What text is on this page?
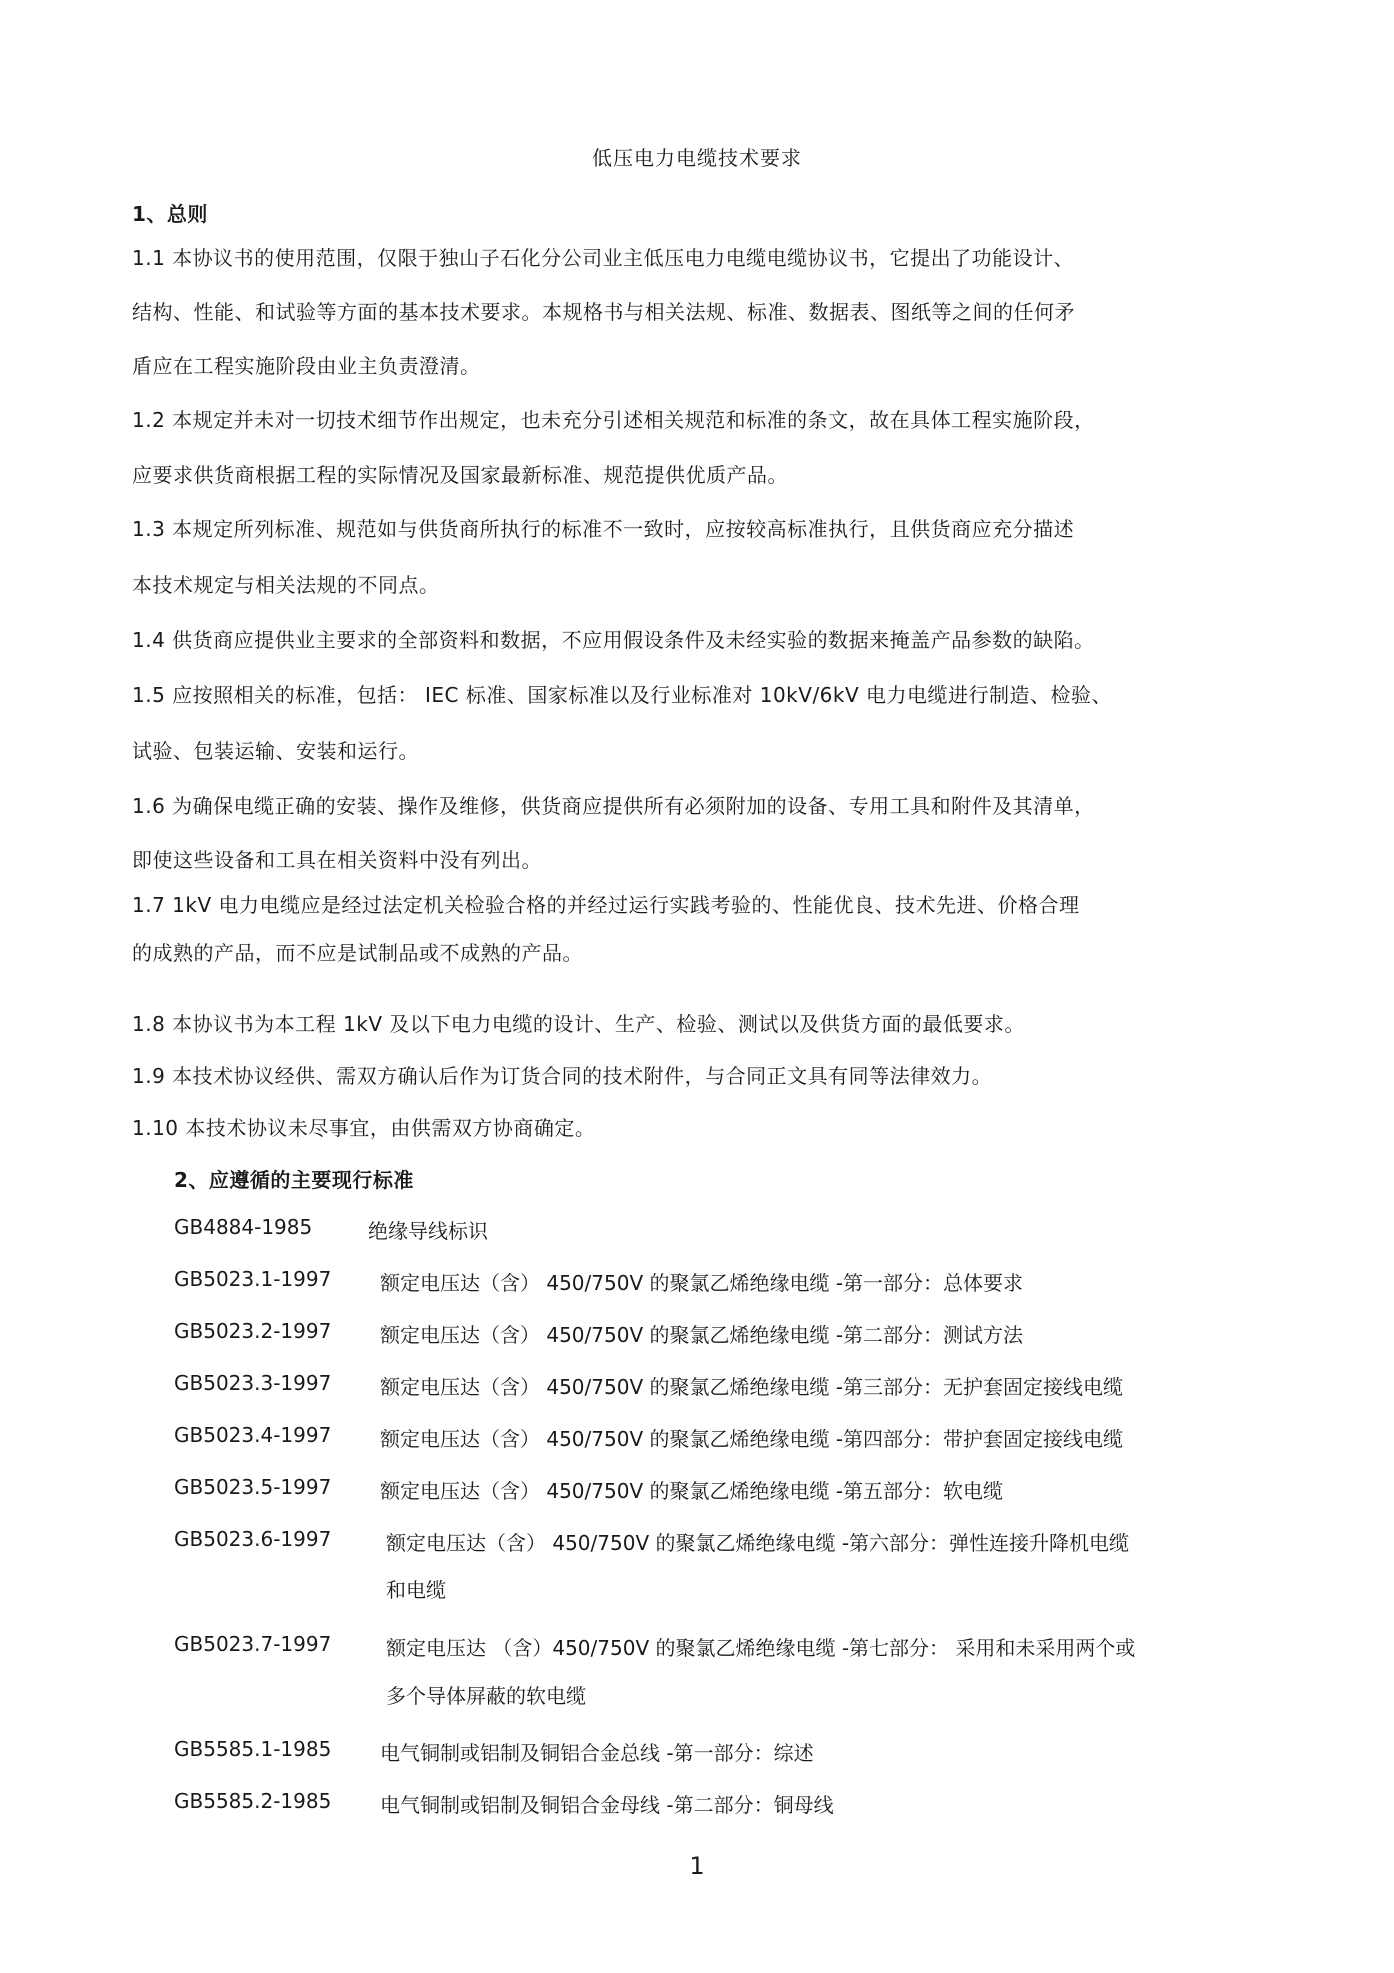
低压电力电缆技术要求
1、总则
1.1 本协议书的使用范围，仅限于独山子石化分公司业主低压电力电缆电缆协议书，它提出了功能设计、
结构、性能、和试验等方面的基本技术要求。本规格书与相关法规、标准、数据表、图纸等之间的任何矛
盾应在工程实施阶段由业主负责澄清。
1.2 本规定并未对一切技术细节作出规定，也未充分引述相关规范和标准的条文，故在具体工程实施阶段，
应要求供货商根据工程的实际情况及国家最新标准、规范提供优质产品。
1.3 本规定所列标准、规范如与供货商所执行的标准不一致时，应按较高标准执行，且供货商应充分描述
本技术规定与相关法规的不同点。
1.4 供货商应提供业主要求的全部资料和数据，不应用假设条件及未经实验的数据来掩盖产品参数的缺陷。
1.5 应按照相关的标准，包括： IEC 标准、国家标准以及行业标准对 10kV/6kV 电力电缆进行制造、检验、
试验、包装运输、安装和运行。
1.6 为确保电缆正确的安装、操作及维修，供货商应提供所有必须附加的设备、专用工具和附件及其清单，
即使这些设备和工具在相关资料中没有列出。
1.7 1kV 电力电缆应是经过法定机关检验合格的并经过运行实践考验的、性能优良、技术先进、价格合理
的成熟的产品，而不应是试制品或不成熟的产品。
1.8 本协议书为本工程 1kV 及以下电力电缆的设计、生产、检验、测试以及供货方面的最低要求。
1.9 本技术协议经供、需双方确认后作为订货合同的技术附件，与合同正文具有同等法律效力。
1.10 本技术协议未尽事宜，由供需双方协商确定。
2、应遵循的主要现行标准
GB4884-1985	绝缘导线标识
GB5023.1-1997 额定电压达（含） 450/750V 的聚氯乙烯绝缘电缆 -第一部分：总体要求
GB5023.2-1997 额定电压达（含） 450/750V 的聚氯乙烯绝缘电缆 -第二部分：测试方法
GB5023.3-1997 额定电压达（含） 450/750V 的聚氯乙烯绝缘电缆 -第三部分：无护套固定接线电缆
GB5023.4-1997 额定电压达（含） 450/750V 的聚氯乙烯绝缘电缆 -第四部分：带护套固定接线电缆
GB5023.5-1997 额定电压达（含） 450/750V 的聚氯乙烯绝缘电缆 -第五部分：软电缆
GB5023.6-1997	额定电压达（含） 450/750V 的聚氯乙烯绝缘电缆 -第六部分：弹性连接升降机电缆
和电缆
GB5023.7-1997	额定电压达 （含）450/750V 的聚氯乙烯绝缘电缆 -第七部分： 采用和未采用两个或
多个导体屏蔽的软电缆
GB5585.1-1985 电气铜制或铝制及铜铝合金总线 -第一部分：综述
GB5585.2-1985 电气铜制或铝制及铜铝合金母线 -第二部分：铜母线
1
